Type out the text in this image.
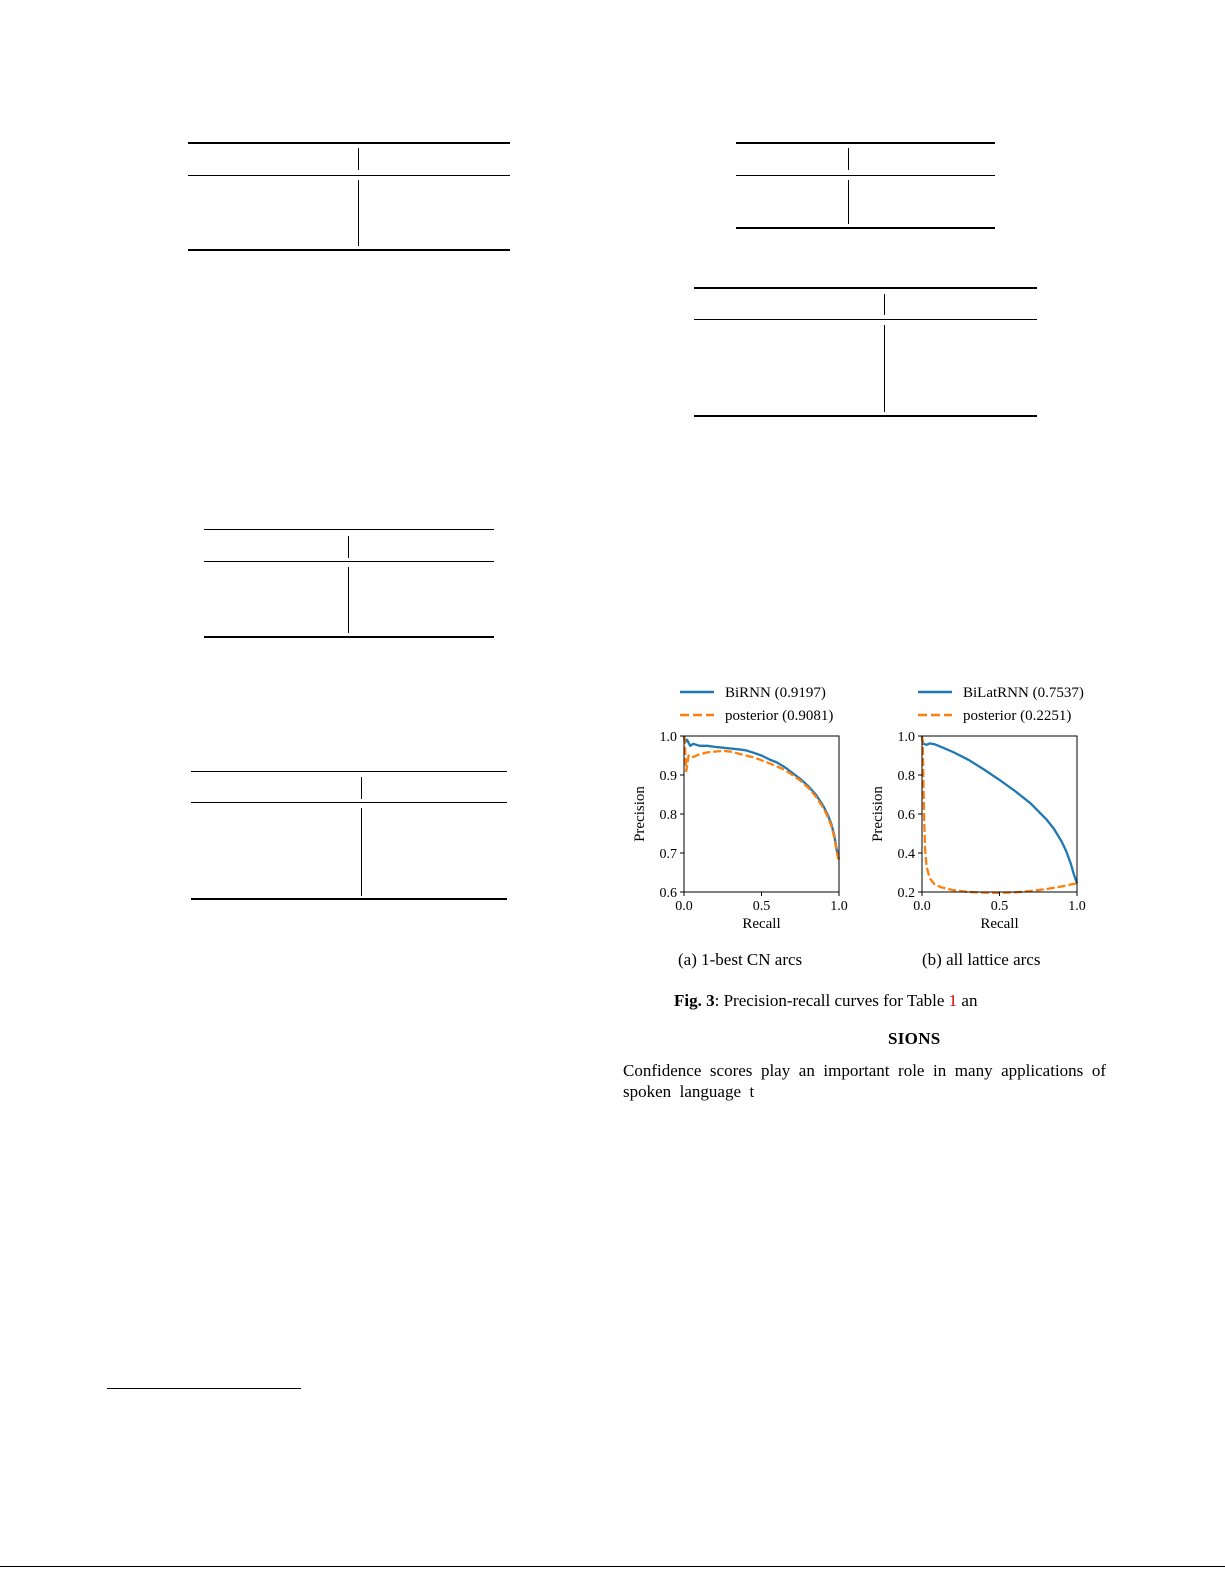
BiRNN (0.9197)
posterior (0.9081)
0.0	0.5	1.0
0.6
0.7
0.8
0.9
1.0
Recall
Precision
BiLatRNN (0.7537)
posterior (0.2251)
0.0	0.5	1.0
0.2
0.4
0.6
0.8
1.0
Recall
Precision
(a) 1-best CN arcs	(b) all lattice arcs
Fig. 3: Precision-recall curves for Table 1 an
SIONS
Confidence scores play an important role in many applications of
spoken  language  t
